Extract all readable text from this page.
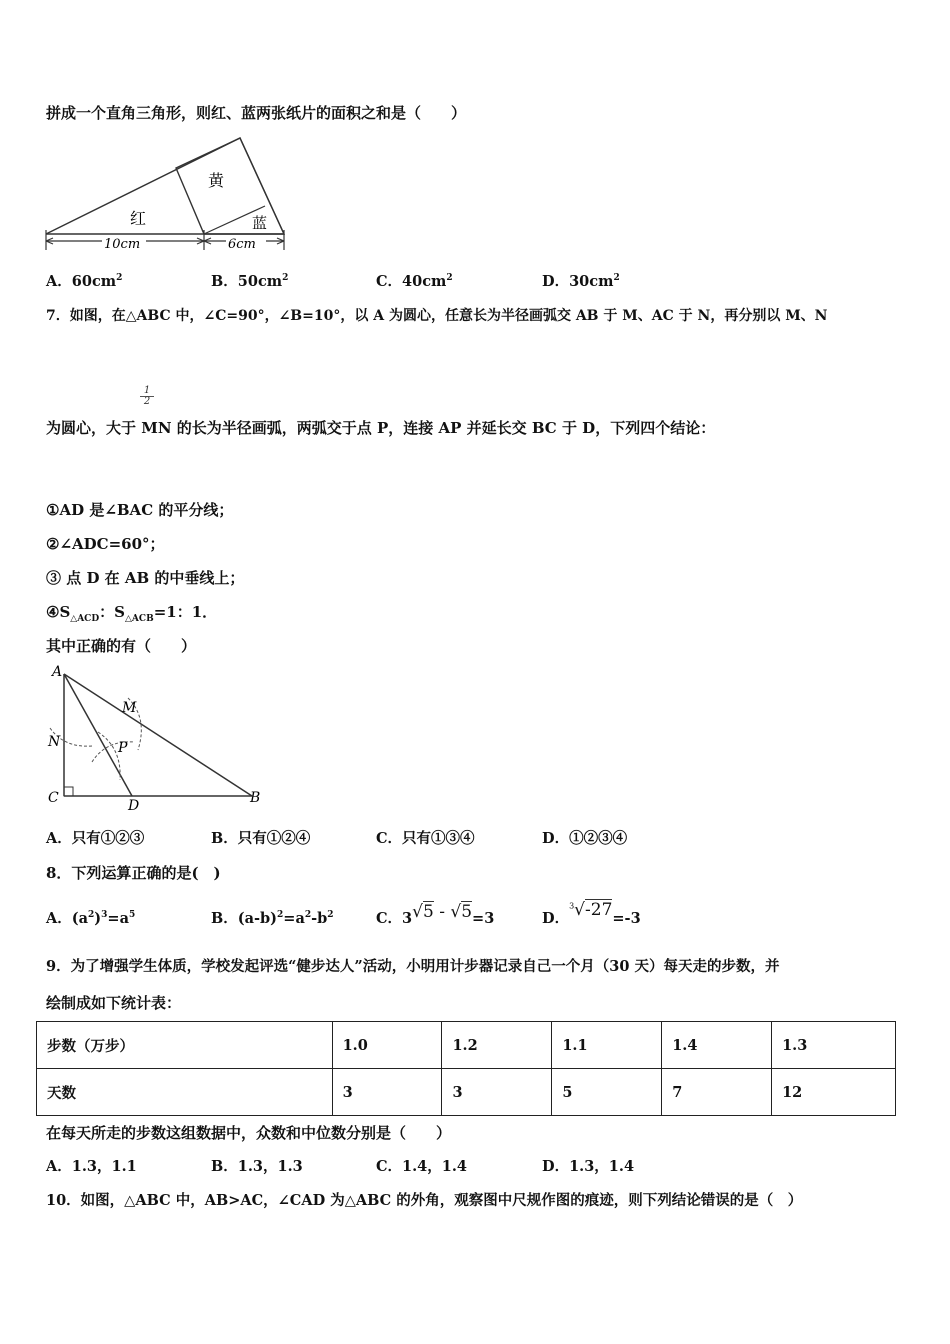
拼成一个直角三角形，则红、蓝两张纸片的面积之和是（　　）
红
黄
蓝
10cm	6cm
A．$60cm^2$	B．$50cm^2$	C．$40cm^2$	D．$30cm^2$
7．如图，在△ABC 中，∠C=90°，∠B=10°，以 A 为圆心，任意长为半径画弧交 AB 于 M、AC 于 N，再分别以 M、N
$\frac{1}{2}$
为圆心，大于 MN 的长为半径画弧，两弧交于点 P，连接 AP 并延长交 BC 于 D，下列四个结论：
①AD 是∠BAC 的平分线；
②∠ADC=60°；
③ 点 D 在 AB 的中垂线上；
$④S_{\triangle ACD}$：$S_{\triangle ACB}=1$：1．
其中正确的有（　　）
A
M
N	P
C	D	B
A．只有①②③	B．只有①②④	C．只有①③④	D．①②③④
8．下列运算正确的是(　)
A．$(a^2)^3=a^5$	B．$(a-b)^2=a^2-b^2$	C．3√5 - √5=3	D．$^3$√-27=-3
9．为了增强学生体质，学校发起评选“健步达人”活动，小明用计步器记录自己一个月（30 天）每天走的步数，并
绘制成如下统计表：
步数（万步）	1.0	1.2	1.1	1.4	1.3
天数	3	3	5	7	12
在每天所走的步数这组数据中，众数和中位数分别是（　　）
A．1.3，1.1	B．1.3，1.3	C．1.4，1.4	D．1.3，1.4
10．如图，△ABC 中，AB>AC，∠CAD 为△ABC 的外角，观察图中尺规作图的痕迹，则下列结论错误的是（　）
